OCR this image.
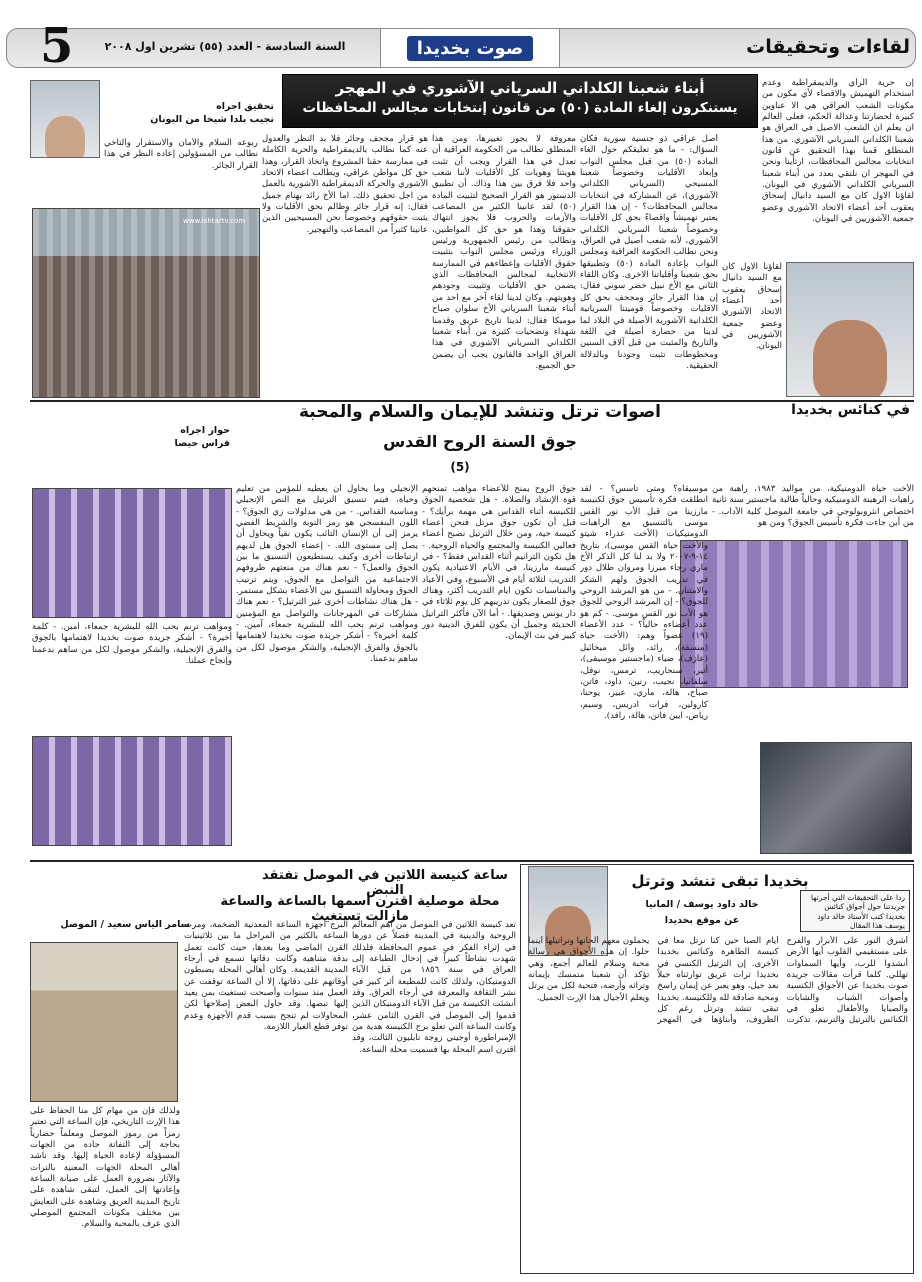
5	السنة السادسة - العدد (٥٥) تشرين اول ٢٠٠٨	صوت بخديدا	لقاءات وتحقيقات
أبناء شعبنا الكلداني السرياني الآشوري في المهجر
يستنكرون إلغاء المادة (٥٠) من قانون إنتخابات مجالس المحافظات
تحقيق اجراه
نجيب بلدا شيخا من اليونان
إن حرية الرأي والديمقراطية وعدم استخدام التهميش والاقصاء لأي مكون من مكونات الشعب العراقي هي الا عناوين كبيرة لحضارتنا وعدالة الحكم، فعلى العالم ان يعلم ان الشعب الاصيل في العراق هو شعبنا الكلداني السرياني الآشوري. من هذا المنطلق قمنا بهذا التحقيق عن قانون انتخابات مجالس المحافظات، ارتأينا ونحن في المهجر ان نلتقي بعدد من أبناء شعبنا السرياني الكلداني الآشوري في اليونان. لقاؤنا الاول كان مع السيد دانيال إسحاق يعقوب أحد أعضاء الاتحاد الآشوري وعضو جمعية الآشوريين في اليونان.
لقاؤنا الاول كان مع السيد دانيال إسحاق يعقوب أحد أعضاء الاتحاد الآشوري وعضو جمعية الآشوريين في اليونان.
أصل عراقي ذو جنسية سورية فكان السؤال: - ما هو تعليقكم حول الغاء المادة (٥٠) من قبل مجلس النواب وإبعاد الأقليات وخصوصاً شعبنا المسيحي (السرياني الكلداني الآشوري)، عن المشاركة في انتخابات مجالس المحافظات؟ - إن هذا القرار يعتبر تهميشاً واقصاءً بحق كل الأقليات وخصوصاً شعبنا السرياني الكلداني الآشوري، لأنه شعب أصيل في العراق، ونحن نطالب الحكومة العراقية ومجلس النواب بإعادة المادة (٥٠) وتطبيقها بحق شعبنا وأقلياتنا الاخرى. وكان اللقاء الثاني مع الأخ نبيل خضر سوني فقال: إن هذا القرار جائر ومجحف بحق كل الاقليات وخصوصاً قوميتنا السريانية الكلدانية الآشورية الأصيلة في البلاد لما لدينا من حضارة أصيلة في اللغة والتاريخ والمثبت من قبل آلاف السنين ومخطوطات تثبت وجودنا وبالدلالة الحقيقية.
معروفة لا يجوز تغييرها، ومن هذا المنطلق نطالب من الحكومة العراقية أن تعدل في هذا القرار ويجب أن تثبت هويتنا وهويات كل الأقليات لأننا شعب واحد فلا فرق بين هذا وذاك. أن تطبيق الدستور هو القرار الصحيح لتثبيت المادة (٥٠) لقد عانينا الكثير من المصاعب والأزمات والحروب فلا يجوز انتهاك حقوقنا وهذا هو حق كل المواطنين، ونطالب من رئيس الجمهورية ورئيس الوزراء ورئيس مجلس النواب بتثبيت حقوق الأقليات وإعطاءهم في الممارسة الانتخابية لمجالس المحافظات الذي يضمن حق الأقليات وتثبيت وجودهم وهويتهم. وكان لدينا لقاء آخر مع احد من أبناء شعبنا السرياني الأخ سلوان صباح موميكا فقال: لدينا تاريخ عريق وقدمنا شهداء وتضحيات كثيرة من أبناء شعبنا الكلداني السرياني الآشوري في هذا العراق الواحد فالقانون يجب أن يضمن حق الجميع.
هو قرار مجحف وجائر فلا بد النظر والعدول عنه كما نطالب بالديمقراطية والحرية الكاملة في ممارسة حقنا المشروع واتخاذ القرار، وهذا حق كل مواطن عراقي، ويطالب اعضاء الاتحاد الآشوري والحركة الديمقراطية الآشورية بالعمل من اجل تحقيق ذلك. اما الأخ رائد بهنام جميل فقال: إنه قرار جائر وظالم بحق الأقليات ولا يثبت حقوقهم وخصوصاً نحن المسيحيين الذين عانينا كثيراً من المصاعب والتهجير.
ربوعه السلام والأمان والاستقرار والتآخي نطالب من المسؤولين إعادة النظر في هذا القرار الجائر.
www.ishtartv.com
في كنائس بخديدا
اصوات ترتل وتنشد للإيمان والسلام والمحبة
جوق السنة الروح القدس
(5)
حوار اجراه
فراس حيصا
الأخت حياة الدومنيكية، من مواليد ١٩٨٣، راهبة من راهبات الرهبنة الدومنيكية وحالياً طالبة ماجستير سنة ثانية اختصاص انثروبولوجي في جامعة الموصل كلية الآداب. - من أين جاءت فكرة تأسيس الجوق؟ ومن هو
موسيقاه؟ ومتى تأسس؟ - لقد انطلقت فكرة تأسيس جوق لكنيسة مارزينا من قبل الأب نور القس موسى بالتنسيق مع الراهبات الدومنيكيات (الأخت عذراء شيتو والأخت حياة القس موسى)، بتاريخ ١٤-٩-٢٠٠٧ ولا بد لنا كل الذكر الأخ ماري رجاء ميرزا ومروان طلال دور في تدريب الجوق ولهم الشكر والامتنان. - من هو المرشد الروحي للجوق؟ - إن المرشد الروحي للجوق هو الأب نور القس موسى. - كم هو عدد أعضاءه حالياً؟ - عدد الأعضاء (١٩) عضواً وهم: (الأخت حياة (منسقة)، رائد، وائل ميخائيل (عازف)، ضياء (ماجستير موسيقى)، أثير، سنحاريب، ترمس، نوفل، سلفانيا، نجيب، رنين، داود، فاتن، صباح، هالة، ماري، عبير، يوحنا، كارولين، فرات ادريس، وسيم، رياض، ايبن فاتن، هالة، رافد).
جوق الروح يمنح للأعضاء مواهب تمنحهم قوة الإنشاد والصلاة. - هل شخصية الجوق للكنيسة أثناء القداس هي مهمة برأيك؟ - قبل أن تكون جوق مرتل فنحن أعضاء كنيسة حية، ومن خلال الترتيل نصبح أعضاء فعالين الكنيسة والمجتمع والحياة الروحية. - هل تكون الترانيم أثناء القداس فقط؟ - في كنيسة مارزينا، في الأيام الاعتيادية يكون التدريب لثلاثة أيام في الأسبوع، وفي الأعياد والمناسبات تكون ايام التدريب أكثر، وهناك جوق للصغار يكون تدريبهم كل يوم ثلاثاء في دار يونس وصديقها. - أما الآن فأكثر التراتيل الحديثة وجميل أن يكون للفرق الدينية دور كبير في بث الإيمان.
الإنجيلي وما يحاول أن يعطيه للمؤمن من تعليم وحياة، فيتم تنسيق الترتيل مع النص الإنجيلي ومناسبة القداس. - من هي مدلولات زي الجوق؟ - اللون البنفسجي هو رمز التوبة والشريط الفضي يرمز إلى أن الإنسان التائب يكون نقياً ويحاول أن يصل إلى مستوى الله. - إعضاء الجوق هل لديهم ارتباطات أخرى وكيف يستطيعون التنسيق ما بين الجوق والعمل؟ - نعم هناك من منعتهم ظروفهم الاجتماعية من التواصل مع الجوق، ويتم ترتيب الجوق ومحاولة التنسيق بين الأعضاء بشكل مستمر. - هل هناك نشاطات أخرى غير الترتيل؟ - نعم هناك مشاركات في المهرجانات والتواصل مع المؤمنين ومواهب ترنم بحب الله للبشرية جمعاء، آمين. - كلمة أخيرة؟ - أشكر جريدة صوت بخديدا لاهتمامها بالجوق والفرق الإنجيلية، والشكر موصول لكل من ساهم بدعمنا.
ومواهب ترنم بحب الله للبشرية جمعاء، آمين. - كلمة أخيرة؟ - أشكر جريدة صوت بخديدا لاهتمامها بالجوق والفرق الإنجيلية، والشكر موصول لكل من ساهم بدعمنا وإنجاح عملنا.
بخديدا تبقى تنشد وترتل
خالد داود يوسف / المانيا
عن موقع بخديدا
ردا على التحقيقات التي أجرتها جريدتنا حول أجواق كنائس بخديدا كتب الأستاذ خالد داود يوسف هذا المقال
أشرق النور على الأبرار والفرح على مستقيمي القلوب أيها الأرض أنشدوا للرب، وأيها السماوات تهللي. كلما قرأت مقالات جريدة صوت بخديدا عن الأجواق الكنسية وأصوات الشباب والشابات والصبايا والأطفال تعلو في الكنائس بالترتيل والترنيم، تذكرت أيام الصبا حين كنا نرتل معاً في كنيسة الطاهرة وكنائس بخديدا الأخرى. إن الترتيل الكنسي في بخديدا تراث عريق توارثناه جيلاً بعد جيل، وهو يعبر عن إيمان راسخ ومحبة صادقة لله وللكنيسة. بخديدا تبقى تنشد وترتل رغم كل الظروف، وأبناؤها في المهجر يحملون معهم ألحانها وتراتيلها أينما حلوا. إن هذه الأجواق هي رسالة محبة وسلام للعالم أجمع، وهي تؤكد أن شعبنا متمسك بإيمانه وتراثه وأرضه، فتحية لكل من يرتل ويعلم الأجيال هذا الإرث الجميل.
ساعة كنيسة اللاتين في الموصل تفتقد النبض
محلة موصلية اقترن اسمها بالساعة والساعة مازالت تستغيث
سامر الياس سعيد / الموصل	تعد كنيسة اللاتين في الموصل من أهم المعالم الروحية والدينية في المدينة فضلاً عن دورها في إثراء الفكر في عموم المحافظة فلذلك شهدت نشاطاً كبيراً في إدخال الطباعة إلى العراق في سنة ١٨٥٦ من قبل الآباء الدومنيكان، ولذلك كانت للمطبعة أثر كبير في نشر الثقافة والمعرفة في أرجاء العراق. وقد أنشئت الكنيسة من قبل الآباء الدومنيكان الذين قدموا إلى الموصل في القرن الثامن عشر، وكانت الساعة التي تعلو برج الكنيسة هدية من الإمبراطورة أوجيني زوجة نابليون الثالث، وقد اقترن اسم المحلة بها فسميت محلة الساعة.
البرج أجهزة الساعة المعدنية الضخمة، ومرت الساعة بالكثير من المراحل ما بين ثلاثينيات القرن الماضي وما بعدها، حيث كانت تعمل بدقة متناهية وكانت دقاتها تسمع في أرجاء المدينة القديمة. وكان أهالي المحلة يضبطون أوقاتهم على دقاتها، إلا أن الساعة توقفت عن العمل منذ سنوات وأصبحت تستغيث بمن يعيد إليها نبضها. وقد حاول البعض إصلاحها لكن المحاولات لم تنجح بسبب قدم الأجهزة وعدم توفر قطع الغيار اللازمة.
ولذلك فإن من مهام كل منا الحفاظ على هذا الإرث التاريخي، فإن الساعة التي تعتبر رمزاً من رموز الموصل ومعلماً حضارياً بحاجة إلى التفاتة جادة من الجهات المسؤولة لإعادة الحياة إليها. وقد ناشد أهالي المحلة الجهات المعنية بالتراث والآثار بضرورة العمل على صيانة الساعة وإعادتها إلى العمل، لتبقى شاهدة على تاريخ المدينة العريق وشاهدة على التعايش بين مختلف مكونات المجتمع الموصلي الذي عرف بالمحبة والسلام.
